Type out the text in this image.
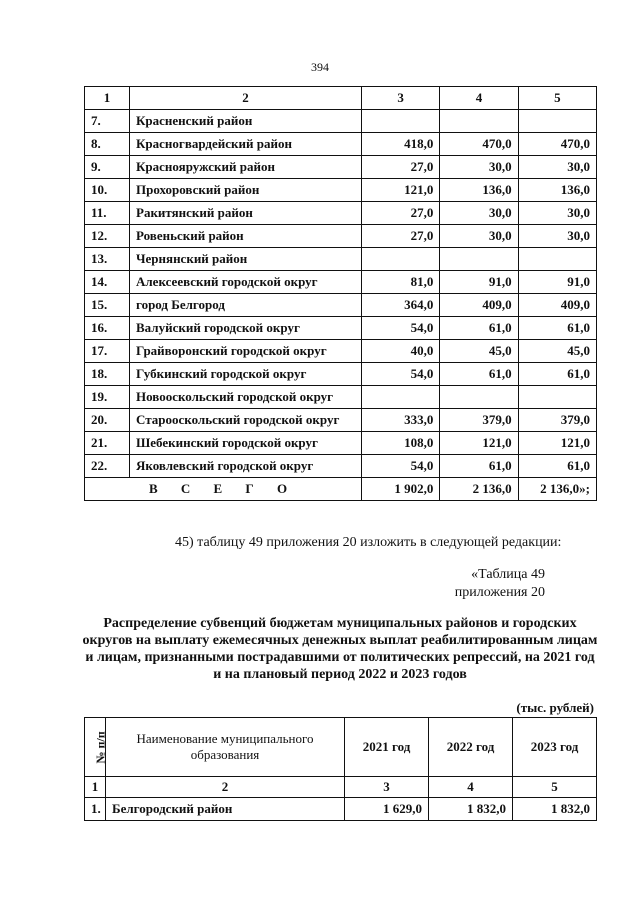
394
1	2	3	4	5
7.	Красненский район			
8.	Красногвардейский район	418,0	470,0	470,0
9.	Краснояружский район	27,0	30,0	30,0
10.	Прохоровский район	121,0	136,0	136,0
11.	Ракитянский район	27,0	30,0	30,0
12.	Ровеньский район	27,0	30,0	30,0
13.	Чернянский район			
14.	Алексеевский городской округ	81,0	91,0	91,0
15.	город Белгород	364,0	409,0	409,0
16.	Валуйский городской округ	54,0	61,0	61,0
17.	Грайворонский городской округ	40,0	45,0	45,0
18.	Губкинский городской округ	54,0	61,0	61,0
19.	Новооскольский городской округ			
20.	Старооскольский городской округ	333,0	379,0	379,0
21.	Шебекинский городской округ	108,0	121,0	121,0
22.	Яковлевский городской округ	54,0	61,0	61,0
В С Е Г О		1 902,0	2 136,0	2 136,0»;
45) таблицу 49 приложения 20 изложить в следующей редакции:
«Таблица 49
приложения 20
Распределение субвенций бюджетам муниципальных районов и городских округов на выплату ежемесячных денежных выплат реабилитированным лицам и лицам, признанными пострадавшими от политических репрессий, на 2021 год и на плановый период 2022 и 2023 годов
(тыс. рублей)
№ п/п	Наименование муниципального образования	2021 год	2022 год	2023 год
1	2	3	4	5
1.	Белгородский район	1 629,0	1 832,0	1 832,0
